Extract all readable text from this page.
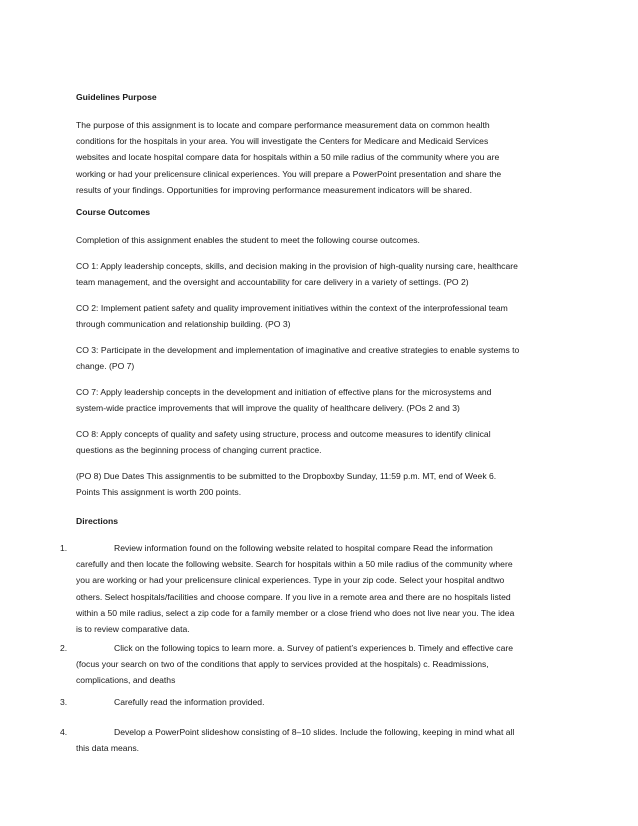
Guidelines Purpose

The purpose of this assignment is to locate and compare performance measurement data on common health

conditions for the hospitals in your area. You will investigate the Centers for Medicare and Medicaid Services

websites and locate hospital compare data for hospitals within a 50 mile radius of the community where you are

working or had your prelicensure clinical experiences. You will prepare a PowerPoint presentation and share the

results of your findings. Opportunities for improving performance measurement indicators will be shared.

Course Outcomes

Completion of this assignment enables the student to meet the following course outcomes.

CO 1: Apply leadership concepts, skills, and decision making in the provision of high-quality nursing care, healthcare

team management, and the oversight and accountability for care delivery in a variety of settings. (PO 2)

CO 2: Implement patient safety and quality improvement initiatives within the context of the interprofessional team

through communication and relationship building. (PO 3)

CO 3: Participate in the development and implementation of imaginative and creative strategies to enable systems to

change. (PO 7)

CO 7: Apply leadership concepts in the development and initiation of effective plans for the microsystems and

system-wide practice improvements that will improve the quality of healthcare delivery. (POs 2 and 3)

CO 8: Apply concepts of quality and safety using structure, process and outcome measures to identify clinical

questions as the beginning process of changing current practice.

(PO 8) Due Dates This assignmentis to be submitted to the Dropboxby Sunday, 11:59 p.m. MT, end of Week 6.

Points This assignment is worth 200 points.

Directions
1.	Review information found on the following website related to hospital compare Read the information

carefully and then locate the following website. Search for hospitals within a 50 mile radius of the community where

you are working or had your prelicensure clinical experiences. Type in your zip code. Select your hospital andtwo

others. Select hospitals/facilities and choose compare. If you live in a remote area and there are no hospitals listed

within a 50 mile radius, select a zip code for a family member or a close friend who does not live near you. The idea

is to review comparative data.

2.	Click on the following topics to learn more. a. Survey of patient’s experiences b. Timely and effective care

(focus your search on two of the conditions that apply to services provided at the hospitals) c. Readmissions,

complications, and deaths

3.	Carefully read the information provided.
4.	Develop a PowerPoint slideshow consisting of 8–10 slides. Include the following, keeping in mind what all

this data means.
